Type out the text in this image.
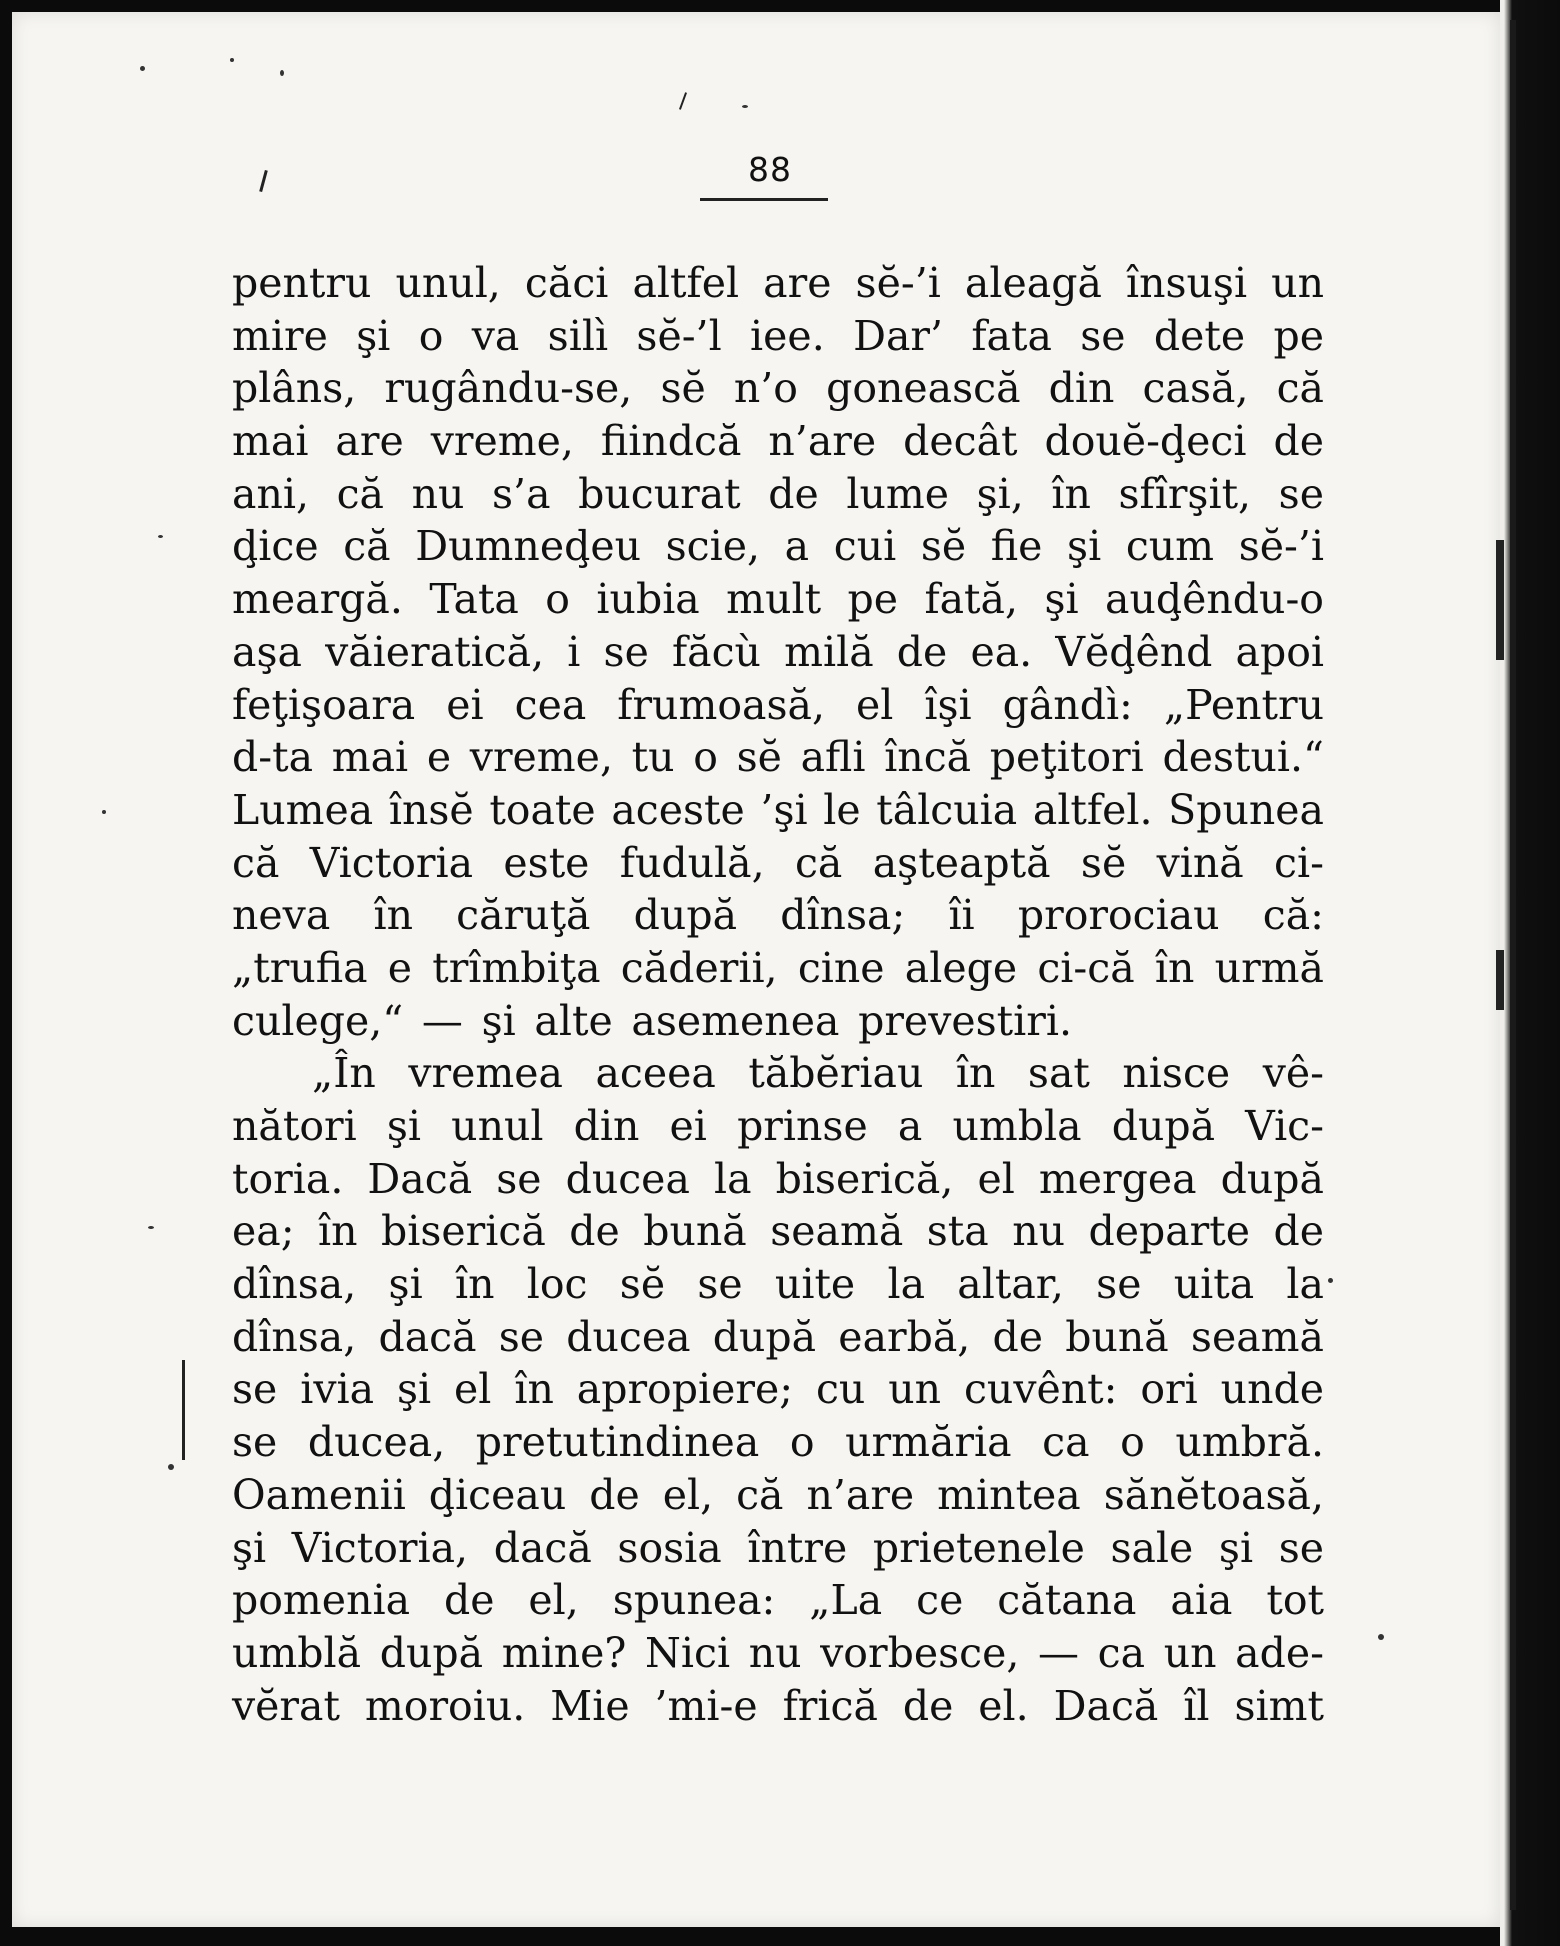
88
pentru unul, căci altfel are sĕ-’i aleagă însuşi un
mire şi o va silì sĕ-’l iee. Dar’ fata se dete pe
plâns, rugându-se, sĕ n’o gonească din casă, că
mai are vreme, fiindcă n’are decât douĕ-ḑeci de
ani, că nu s’a bucurat de lume şi, în sfîrşit, se
ḑice că Dumneḑeu scie, a cui sĕ fie şi cum sĕ-’i
meargă. Tata o iubia mult pe fată, şi auḑêndu-o
aşa văieratică, i se făcù milă de ea. Vĕḑênd apoi
feţişoara ei cea frumoasă, el îşi gândì: „Pentru
d-ta mai e vreme, tu o sĕ afli încă peţitori destui.“
Lumea însĕ toate aceste ’şi le tâlcuia altfel. Spunea
că Victoria este fudulă, că aşteaptă sĕ vină ci-
neva în căruţă după dînsa; îi prorociau că:
„trufia e trîmbiţa căderii, cine alege ci-că în urmă
culege,“ — şi alte asemenea prevestiri.
„În vremea aceea tăbĕriau în sat nisce vê-
nători şi unul din ei prinse a umbla după Vic-
toria. Dacă se ducea la biserică, el mergea după
ea; în biserică de bună seamă sta nu departe de
dînsa, şi în loc sĕ se uite la altar, se uita la
dînsa, dacă se ducea după earbă, de bună seamă
se ivia şi el în apropiere; cu un cuvênt: ori unde
se ducea, pretutindinea o urmăria ca o umbră.
Oamenii ḑiceau de el, că n’are mintea sănĕtoasă,
şi Victoria, dacă sosia între prietenele sale şi se
pomenia de el, spunea: „La ce cătana aia tot
umblă după mine? Nici nu vorbesce, — ca un ade-
vĕrat moroiu. Mie ’mi-e frică de el. Dacă îl simt
